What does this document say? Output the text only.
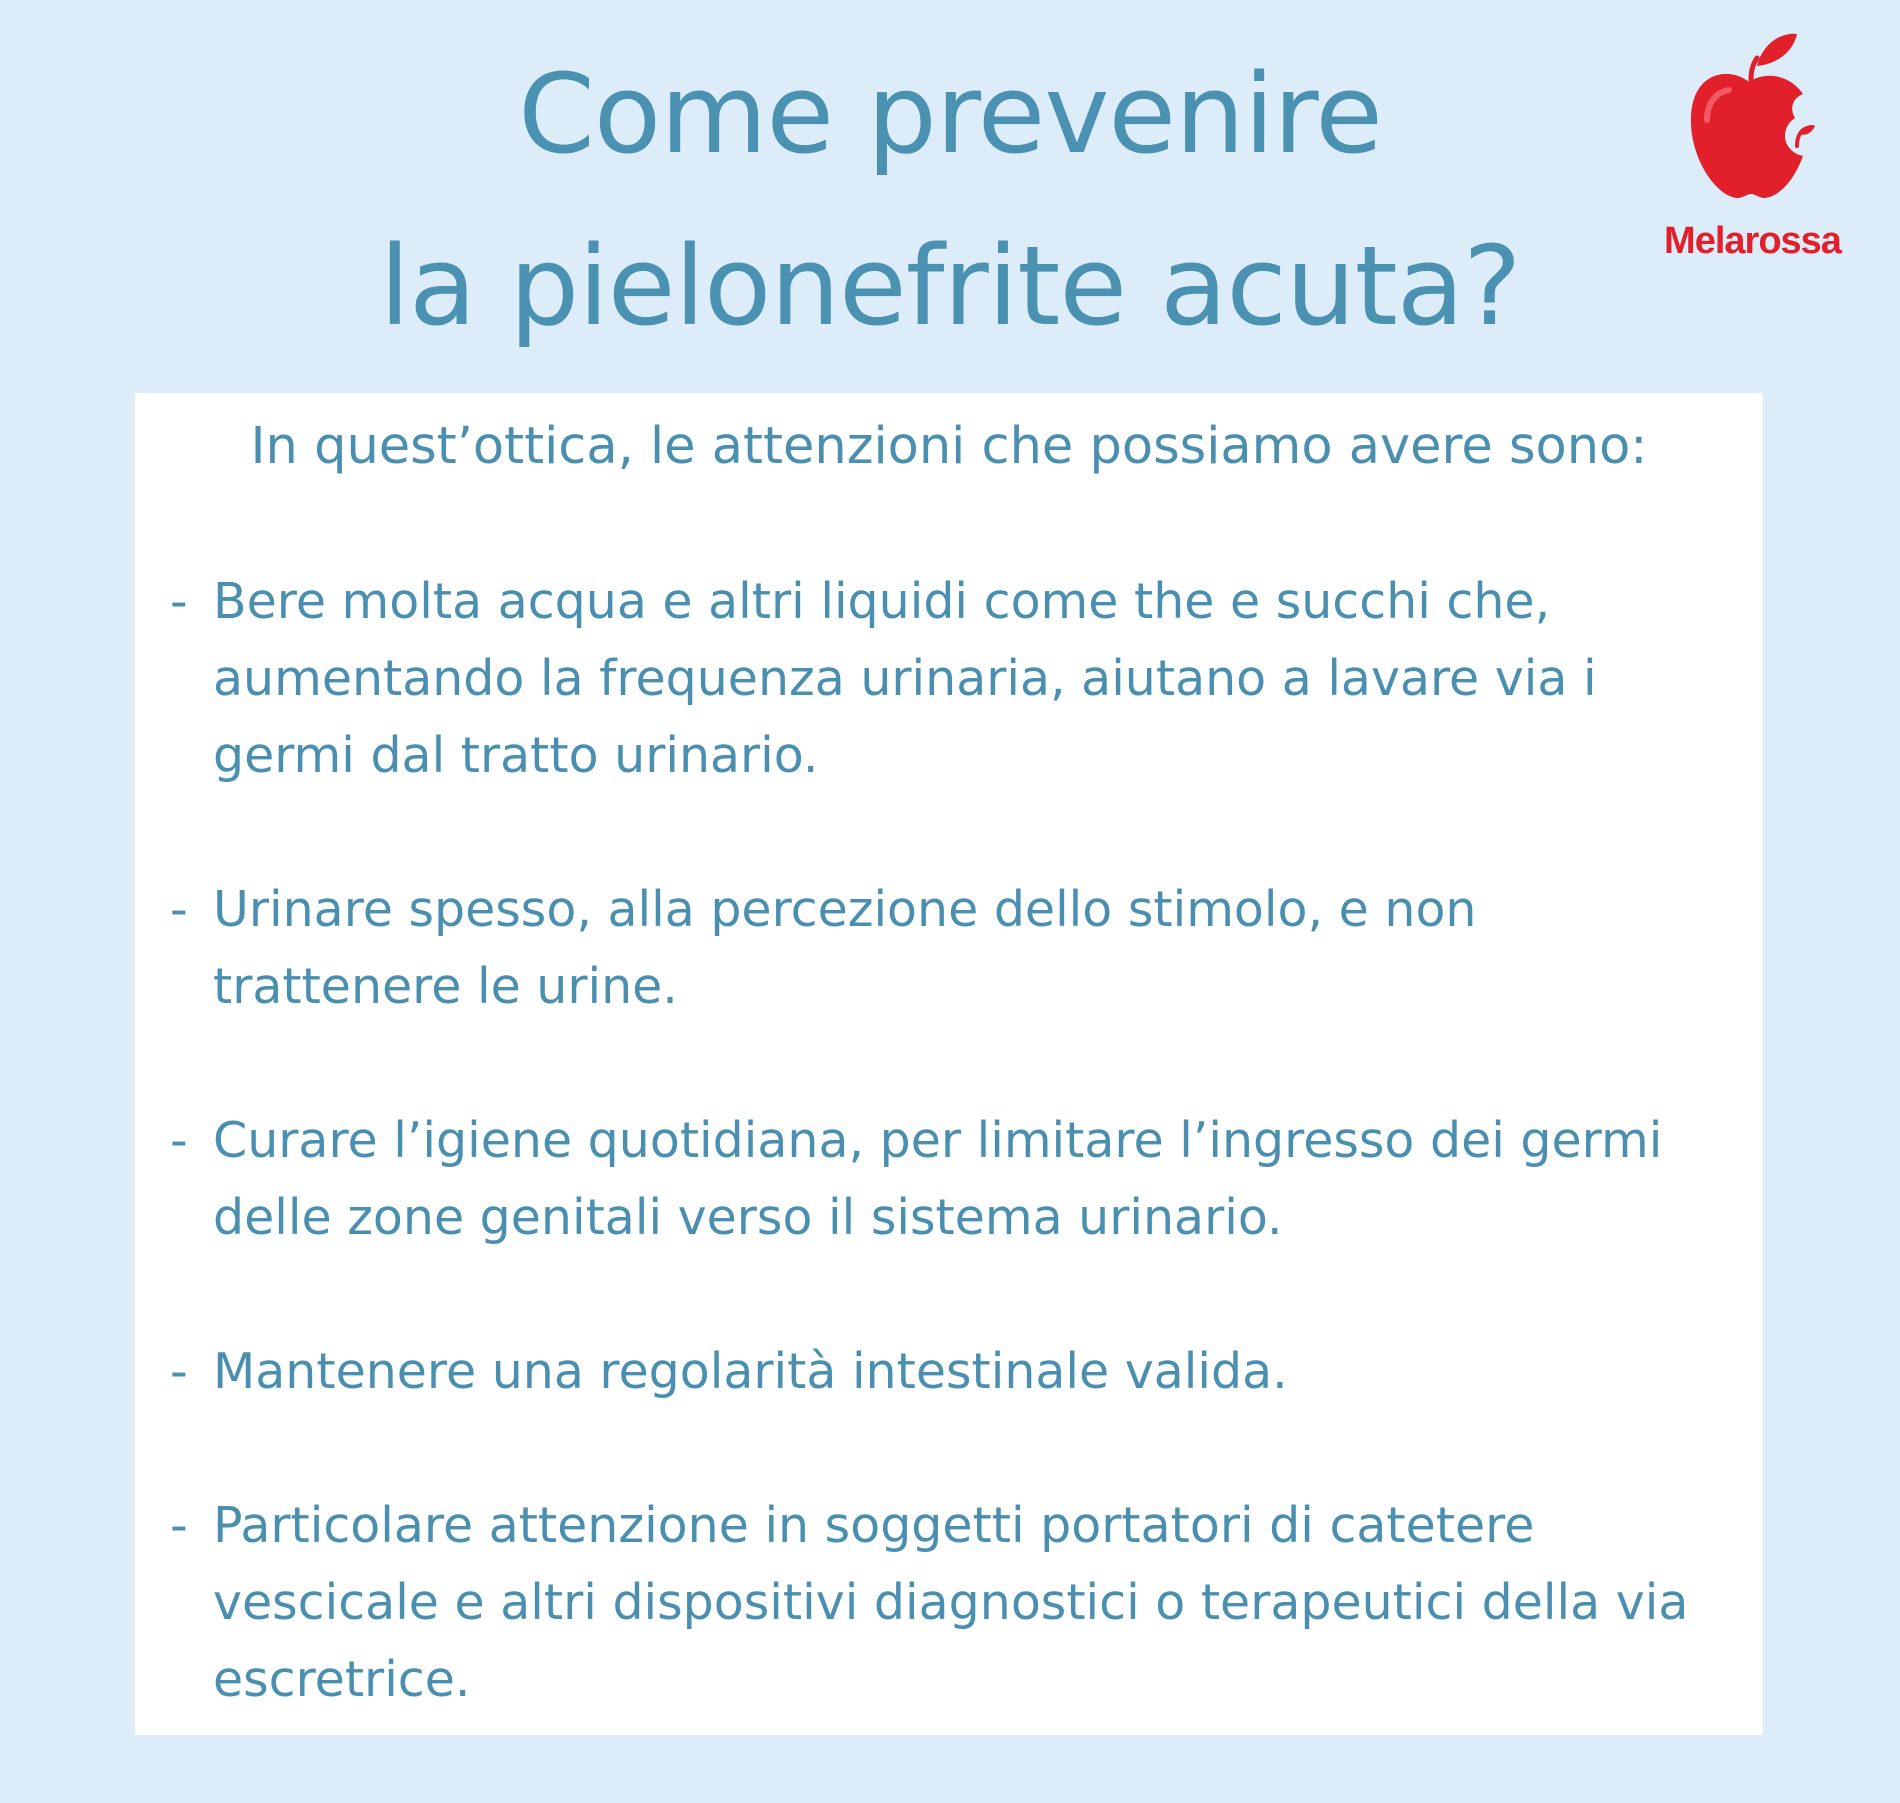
Come prevenire
la pielonefrite acuta?	Melarossa

In quest’ottica, le attenzioni che possiamo avere sono:

- Bere molta acqua e altri liquidi come the e succhi che, aumentando la frequenza urinaria, aiutano a lavare via i germi dal tratto urinario.
- Urinare spesso, alla percezione dello stimolo, e non trattenere le urine.
- Curare l’igiene quotidiana, per limitare l’ingresso dei germi delle zone genitali verso il sistema urinario.
- Mantenere una regolarità intestinale valida.
- Particolare attenzione in soggetti portatori di catetere vescicale e altri dispositivi diagnostici o terapeutici della via escretrice.
